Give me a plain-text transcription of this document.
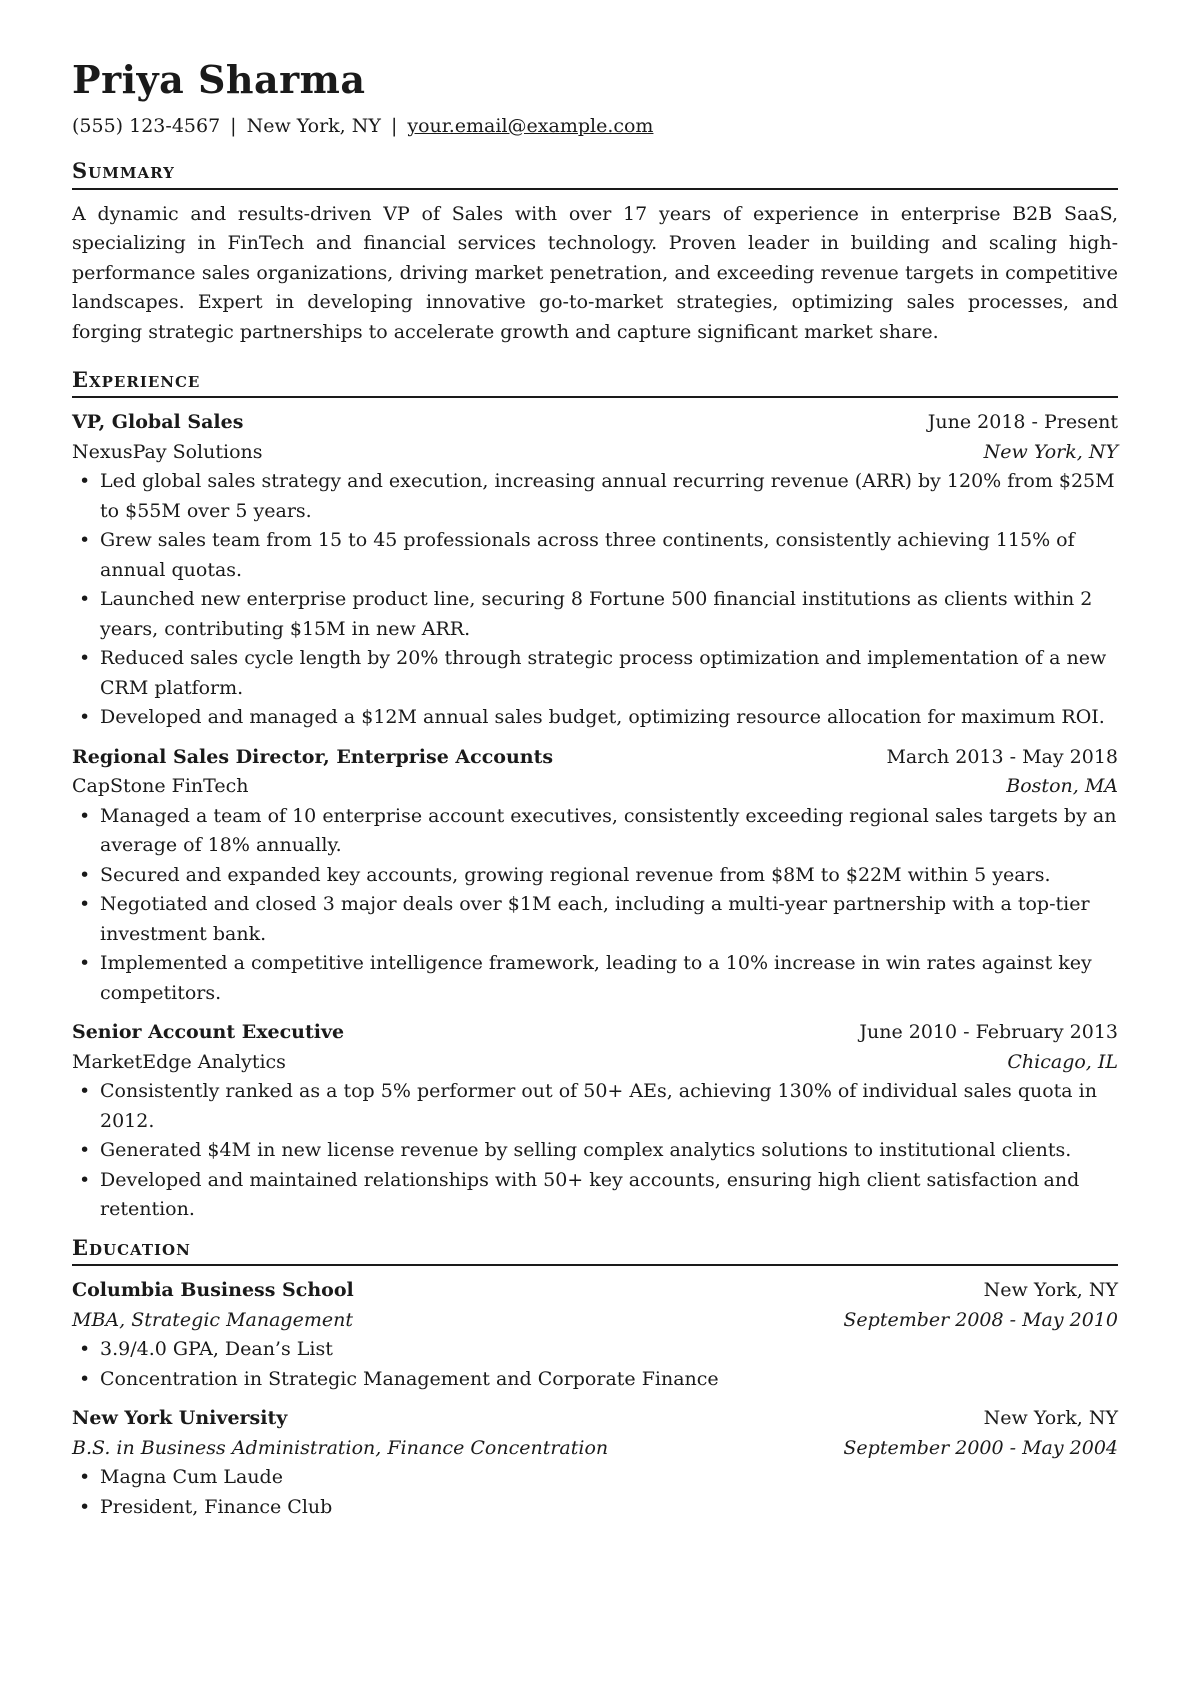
Priya Sharma
(555) 123-4567 | New York, NY | your.email@example.com
Summary
A dynamic and results-driven VP of Sales with over 17 years of experience in enterprise B2B SaaS, specializing in FinTech and financial services technology. Proven leader in building and scaling high-performance sales organizations, driving market penetration, and exceeding revenue targets in competitive landscapes. Expert in developing innovative go-to-market strategies, optimizing sales processes, and forging strategic partnerships to accelerate growth and capture significant market share.
Experience
VP, Global Sales	June 2018 - Present
NexusPay Solutions	New York, NY
• Led global sales strategy and execution, increasing annual recurring revenue (ARR) by 120% from $25M to $55M over 5 years.
• Grew sales team from 15 to 45 professionals across three continents, consistently achieving 115% of annual quotas.
• Launched new enterprise product line, securing 8 Fortune 500 financial institutions as clients within 2 years, contributing $15M in new ARR.
• Reduced sales cycle length by 20% through strategic process optimization and implementation of a new CRM platform.
• Developed and managed a $12M annual sales budget, optimizing resource allocation for maximum ROI.
Regional Sales Director, Enterprise Accounts	March 2013 - May 2018
CapStone FinTech	Boston, MA
• Managed a team of 10 enterprise account executives, consistently exceeding regional sales targets by an average of 18% annually.
• Secured and expanded key accounts, growing regional revenue from $8M to $22M within 5 years.
• Negotiated and closed 3 major deals over $1M each, including a multi-year partnership with a top-tier investment bank.
• Implemented a competitive intelligence framework, leading to a 10% increase in win rates against key competitors.
Senior Account Executive	June 2010 - February 2013
MarketEdge Analytics	Chicago, IL
• Consistently ranked as a top 5% performer out of 50+ AEs, achieving 130% of individual sales quota in 2012.
• Generated $4M in new license revenue by selling complex analytics solutions to institutional clients.
• Developed and maintained relationships with 50+ key accounts, ensuring high client satisfaction and retention.
Education
Columbia Business School	New York, NY
MBA, Strategic Management	September 2008 - May 2010
• 3.9/4.0 GPA, Dean’s List
• Concentration in Strategic Management and Corporate Finance
New York University	New York, NY
B.S. in Business Administration, Finance Concentration	September 2000 - May 2004
• Magna Cum Laude
• President, Finance Club
